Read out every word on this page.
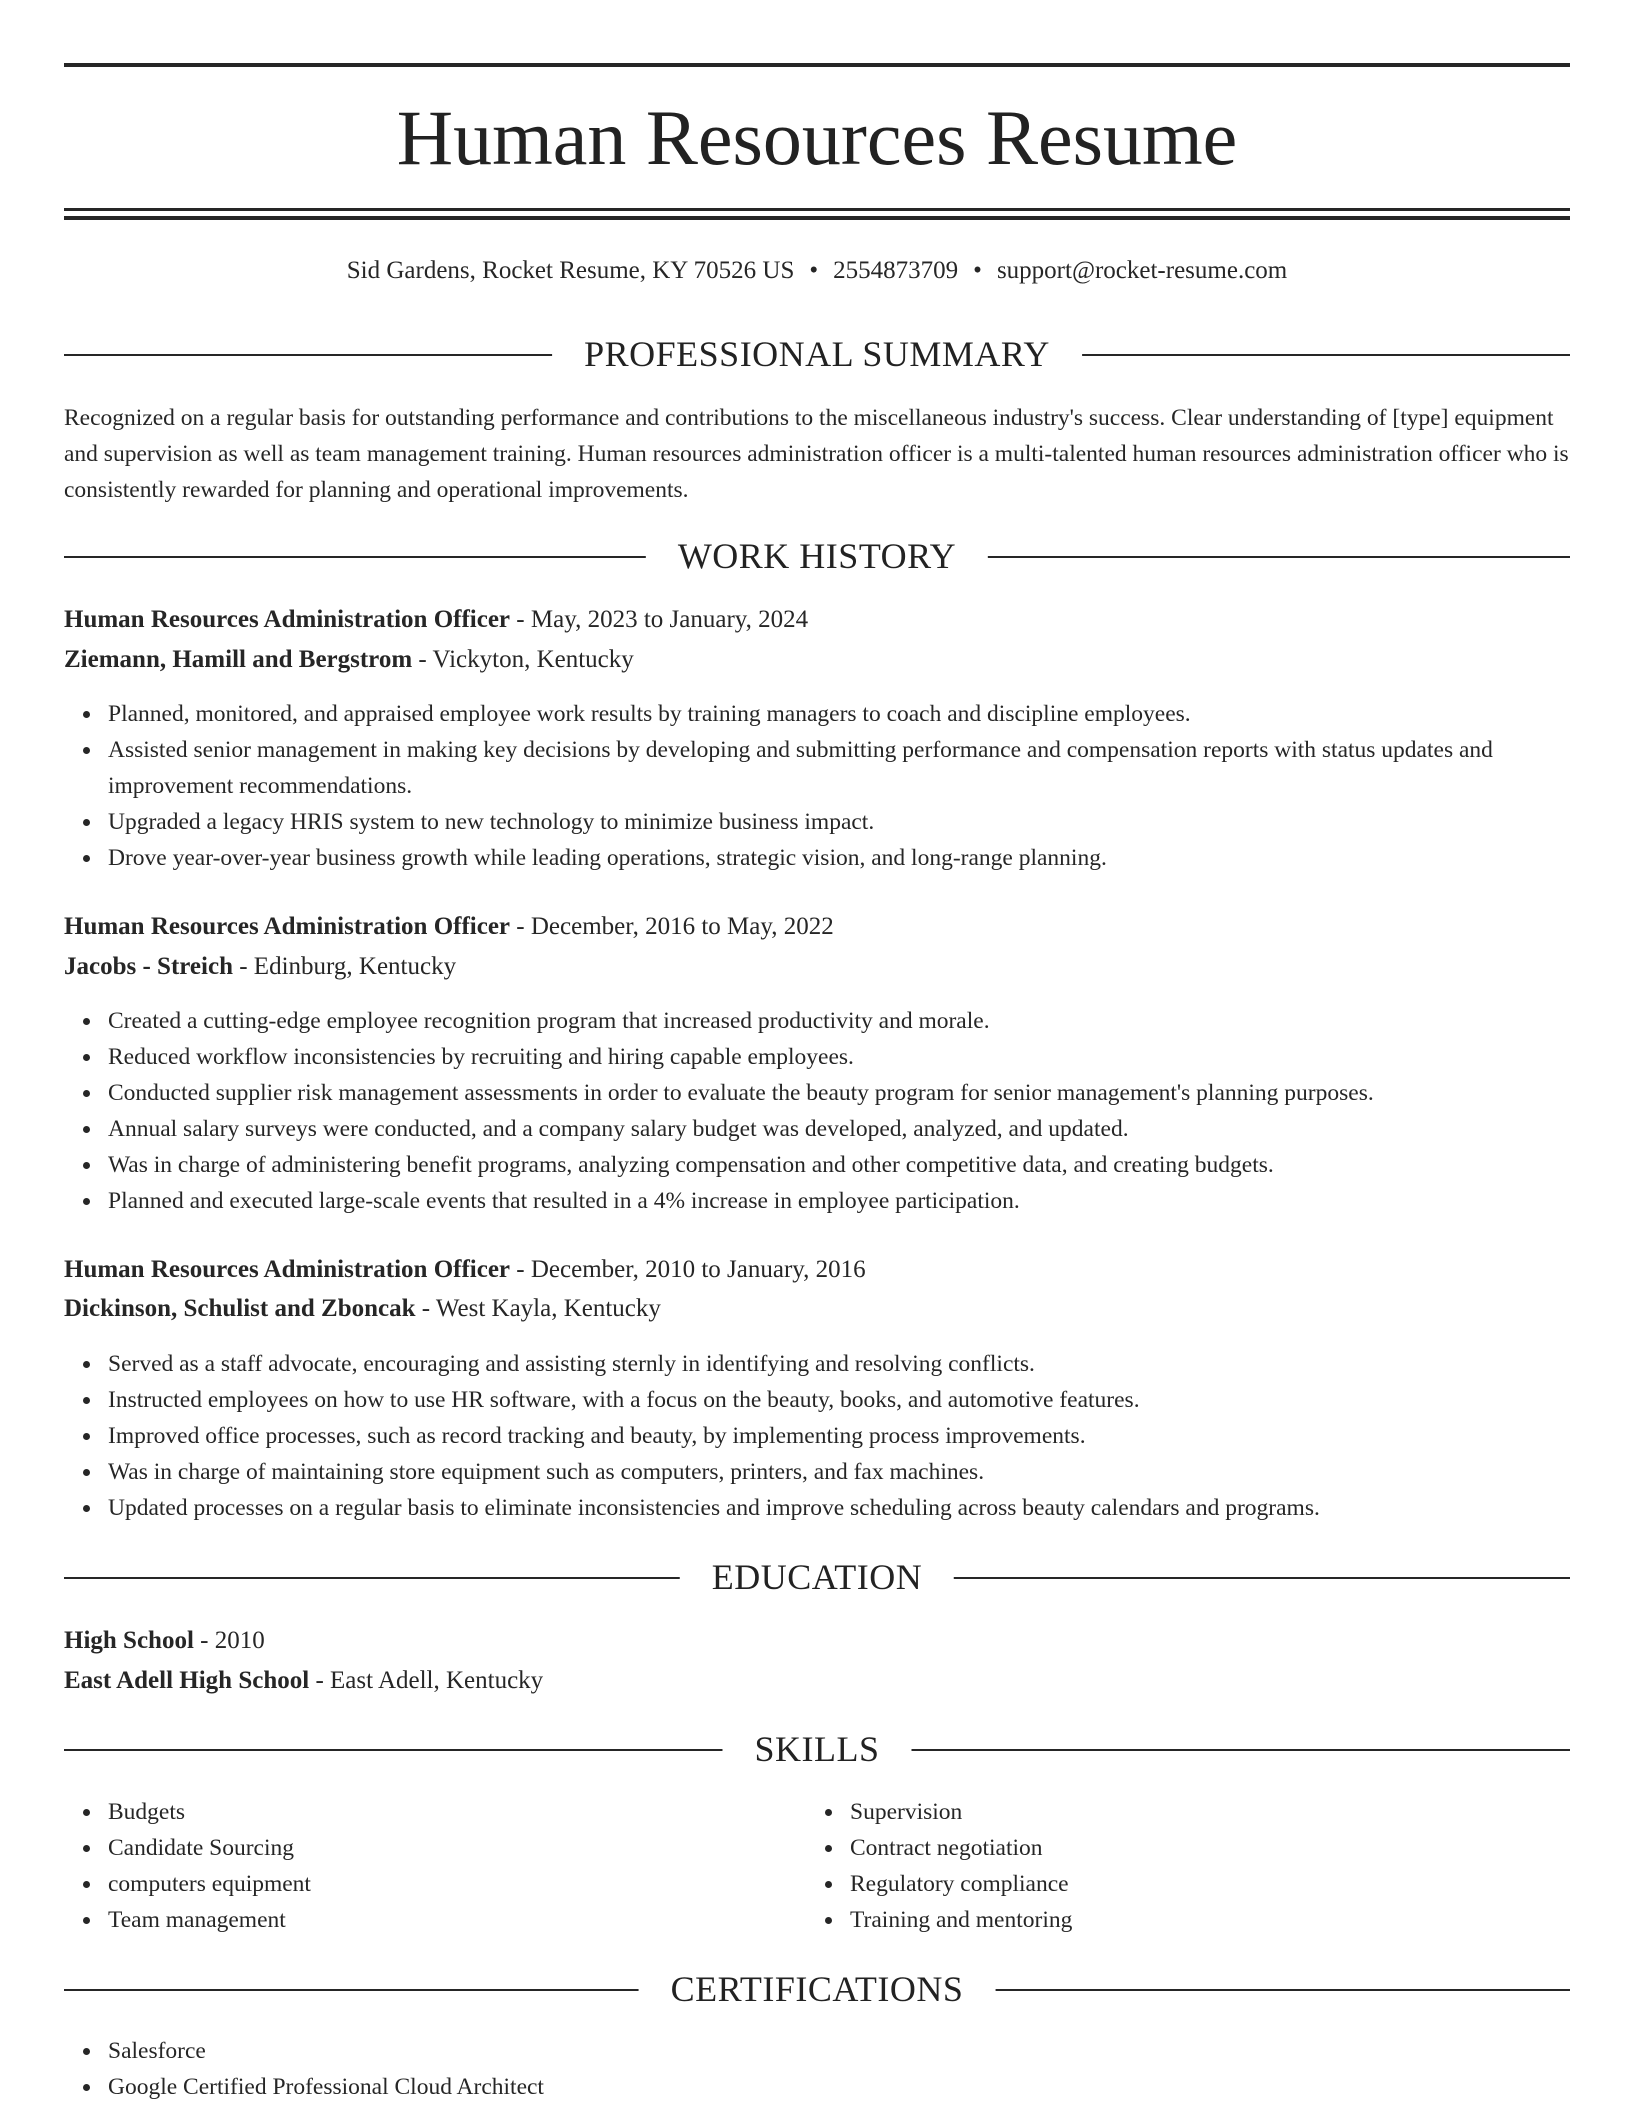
Human Resources Resume
Sid Gardens, Rocket Resume, KY 70526 US • 2554873709 • support@rocket-resume.com
PROFESSIONAL SUMMARY

Recognized on a regular basis for outstanding performance and contributions to the miscellaneous industry's success. Clear understanding of [type] equipment and supervision as well as team management training. Human resources administration officer is a multi-talented human resources administration officer who is consistently rewarded for planning and operational improvements.

WORK HISTORY
Human Resources Administration Officer - May, 2023 to January, 2024
Ziemann, Hamill and Bergstrom - Vickyton, Kentucky
Planned, monitored, and appraised employee work results by training managers to coach and discipline employees.
Assisted senior management in making key decisions by developing and submitting performance and compensation reports with status updates and improvement recommendations.
Upgraded a legacy HRIS system to new technology to minimize business impact.
Drove year-over-year business growth while leading operations, strategic vision, and long-range planning.
Human Resources Administration Officer - December, 2016 to May, 2022
Jacobs - Streich - Edinburg, Kentucky
Created a cutting-edge employee recognition program that increased productivity and morale.
Reduced workflow inconsistencies by recruiting and hiring capable employees.
Conducted supplier risk management assessments in order to evaluate the beauty program for senior management's planning purposes.
Annual salary surveys were conducted, and a company salary budget was developed, analyzed, and updated.
Was in charge of administering benefit programs, analyzing compensation and other competitive data, and creating budgets.
Planned and executed large-scale events that resulted in a 4% increase in employee participation.
Human Resources Administration Officer - December, 2010 to January, 2016
Dickinson, Schulist and Zboncak - West Kayla, Kentucky
Served as a staff advocate, encouraging and assisting sternly in identifying and resolving conflicts.
Instructed employees on how to use HR software, with a focus on the beauty, books, and automotive features.
Improved office processes, such as record tracking and beauty, by implementing process improvements.
Was in charge of maintaining store equipment such as computers, printers, and fax machines.
Updated processes on a regular basis to eliminate inconsistencies and improve scheduling across beauty calendars and programs.
EDUCATION
High School - 2010
East Adell High School - East Adell, Kentucky
SKILLS
Budgets
Candidate Sourcing
computers equipment
Team management
Supervision
Contract negotiation
Regulatory compliance
Training and mentoring
CERTIFICATIONS
Salesforce
Google Certified Professional Cloud Architect
